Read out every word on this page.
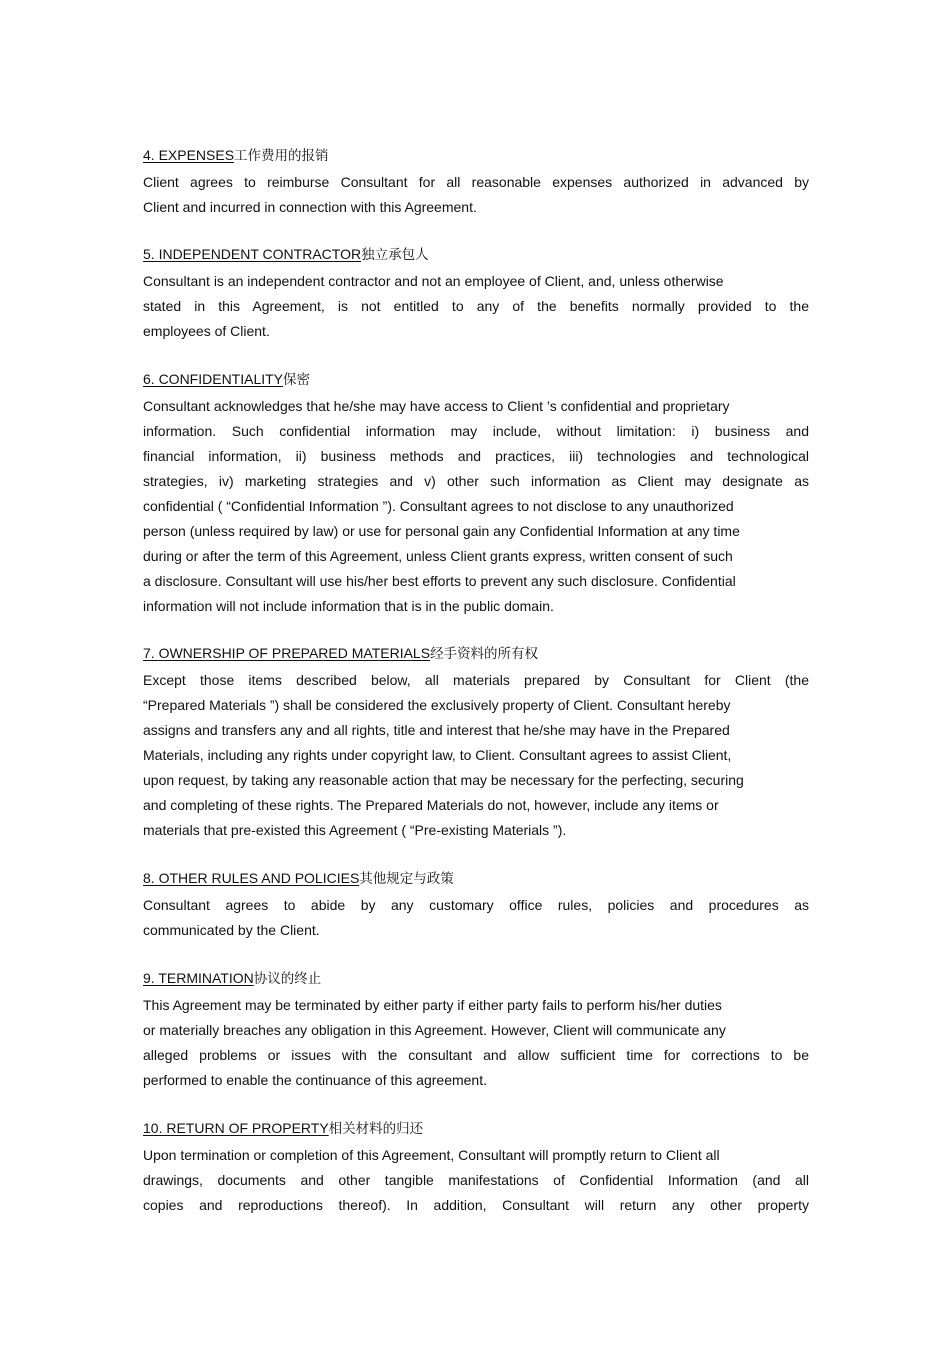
4. EXPENSES工作费用的报销
Client agrees to reimburse Consultant for all reasonable expenses authorized in advanced by
Client and incurred in connection with this Agreement.
5. INDEPENDENT CONTRACTOR独立承包人
Consultant is an independent contractor and not an employee of Client, and, unless otherwise
stated in this Agreement, is not entitled to any of the benefits normally provided to the
employees of Client.
6. CONFIDENTIALITY保密
Consultant acknowledges that he/she may have access to Client ’s confidential and proprietary
information. Such confidential information may include, without limitation: i) business and
financial information, ii) business methods and practices, iii) technologies and technological
strategies, iv) marketing strategies and v) other such information as Client may designate as
confidential ( “Confidential Information ”). Consultant agrees to not disclose to any unauthorized
person (unless required by law) or use for personal gain any Confidential Information at any time
during or after the term of this Agreement, unless Client grants express, written consent of such
a disclosure. Consultant will use his/her best efforts to prevent any such disclosure. Confidential
information will not include information that is in the public domain.
7. OWNERSHIP OF PREPARED MATERIALS经手资料的所有权
Except those items described below, all materials prepared by Consultant for Client (the
“Prepared Materials ”) shall be considered the exclusively property of Client. Consultant hereby
assigns and transfers any and all rights, title and interest that he/she may have in the Prepared
Materials, including any rights under copyright law, to Client. Consultant agrees to assist Client,
upon request, by taking any reasonable action that may be necessary for the perfecting, securing
and completing of these rights. The Prepared Materials do not, however, include any items or
materials that pre-existed this Agreement ( “Pre-existing Materials ”).
8. OTHER RULES AND POLICIES其他规定与政策
Consultant agrees to abide by any customary office rules, policies and procedures as
communicated by the Client.
9. TERMINATION协议的终止
This Agreement may be terminated by either party if either party fails to perform his/her duties
or materially breaches any obligation in this Agreement. However, Client will communicate any
alleged problems or issues with the consultant and allow sufficient time for corrections to be
performed to enable the continuance of this agreement.
10. RETURN OF PROPERTY相关材料的归还
Upon termination or completion of this Agreement, Consultant will promptly return to Client all
drawings, documents and other tangible manifestations of Confidential Information (and all
copies and reproductions thereof). In addition, Consultant will return any other property
